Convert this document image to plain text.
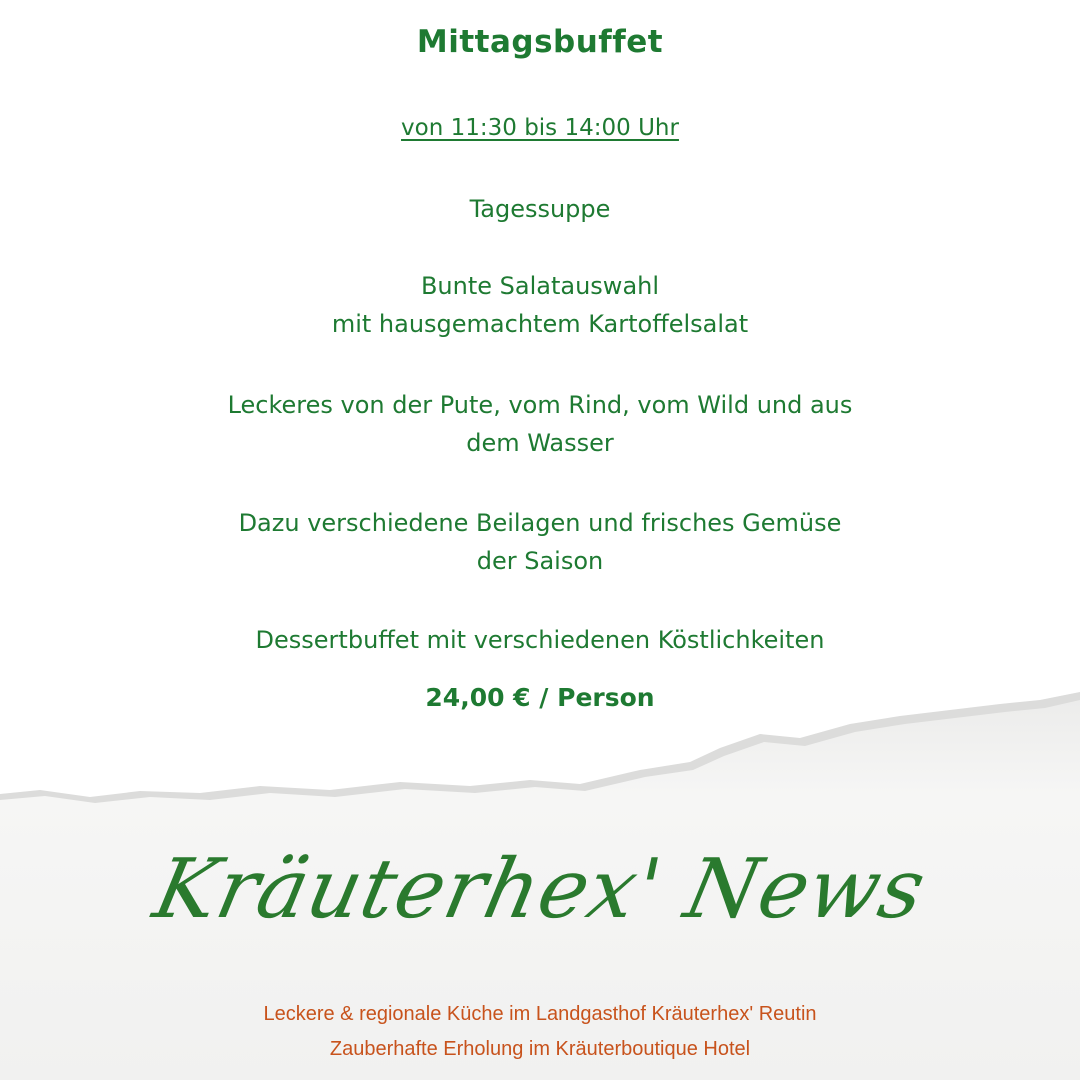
Mittagsbuffet
von 11:30 bis 14:00 Uhr
Tagessuppe
Bunte Salatauswahl
mit hausgemachtem Kartoffelsalat
Leckeres von der Pute, vom Rind, vom Wild und aus
dem Wasser
Dazu verschiedene Beilagen und frisches Gemüse
der Saison
Dessertbuffet mit verschiedenen Köstlichkeiten
24,00 € / Person
Kräuterhex' News
Leckere & regionale Küche im Landgasthof Kräuterhex' Reutin
Zauberhafte Erholung im Kräuterboutique Hotel
